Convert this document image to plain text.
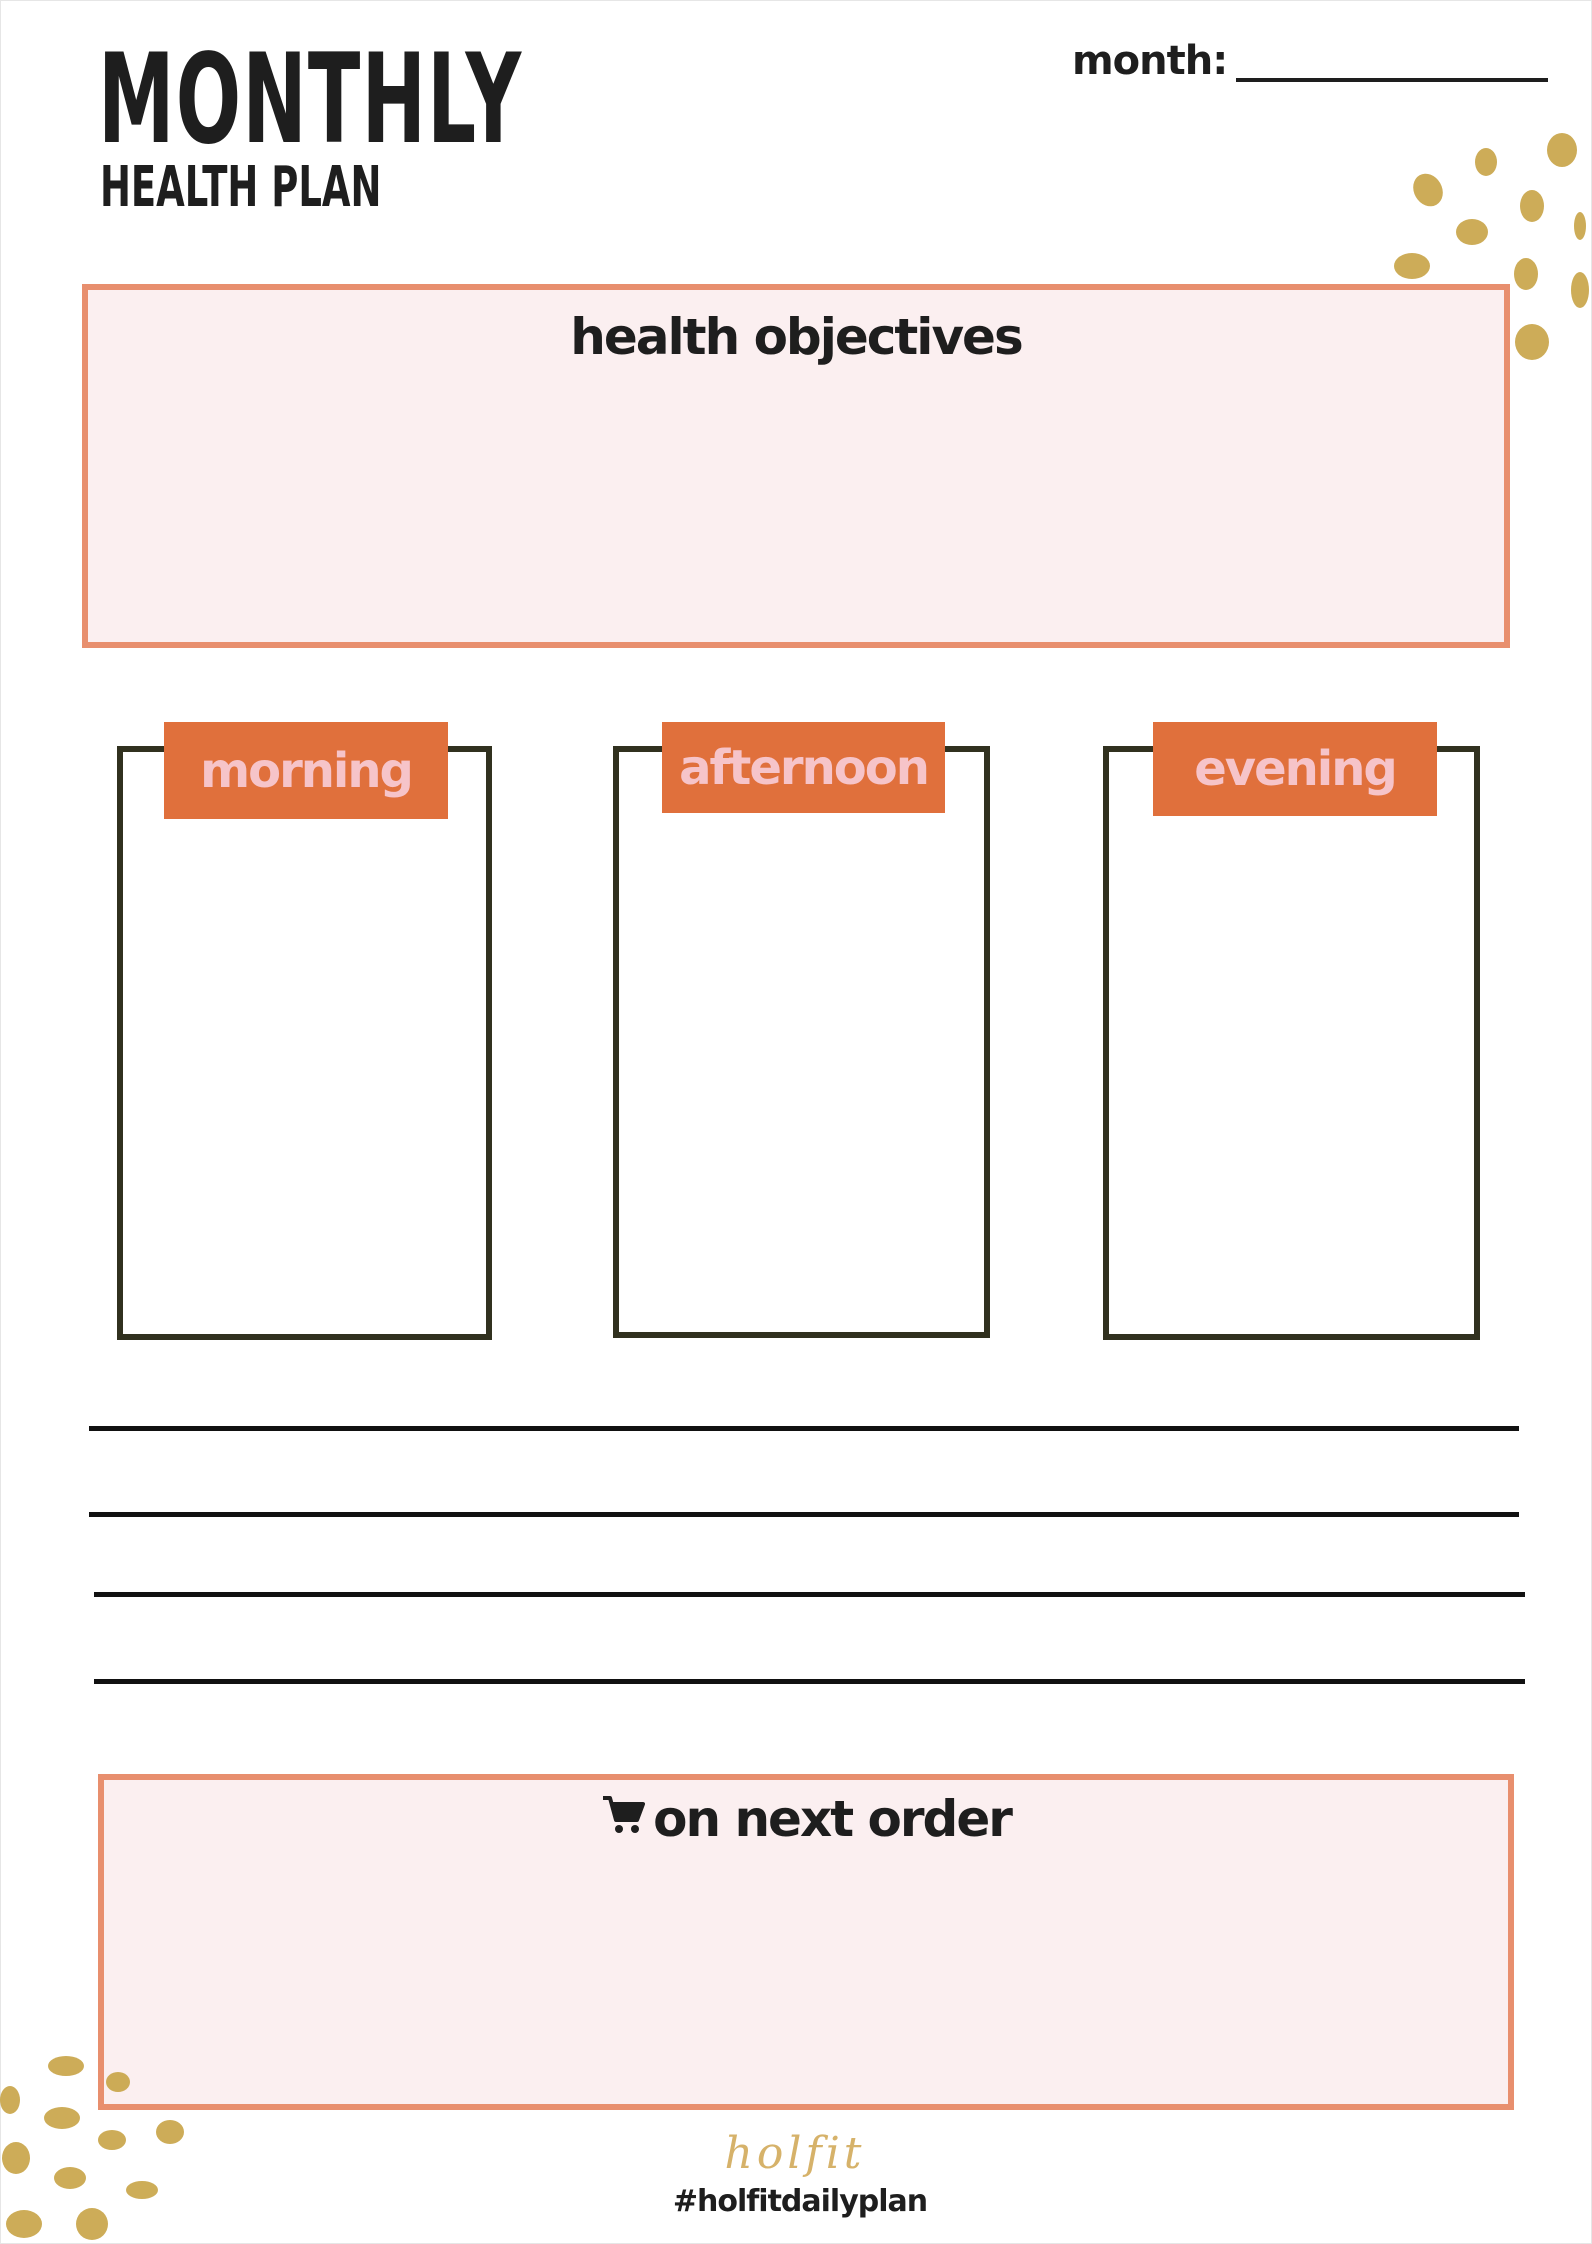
MONTHLY
HEALTH PLAN
month:
health objectives
morning	afternoon	evening
on next order
holfit
#holfitdailyplan
